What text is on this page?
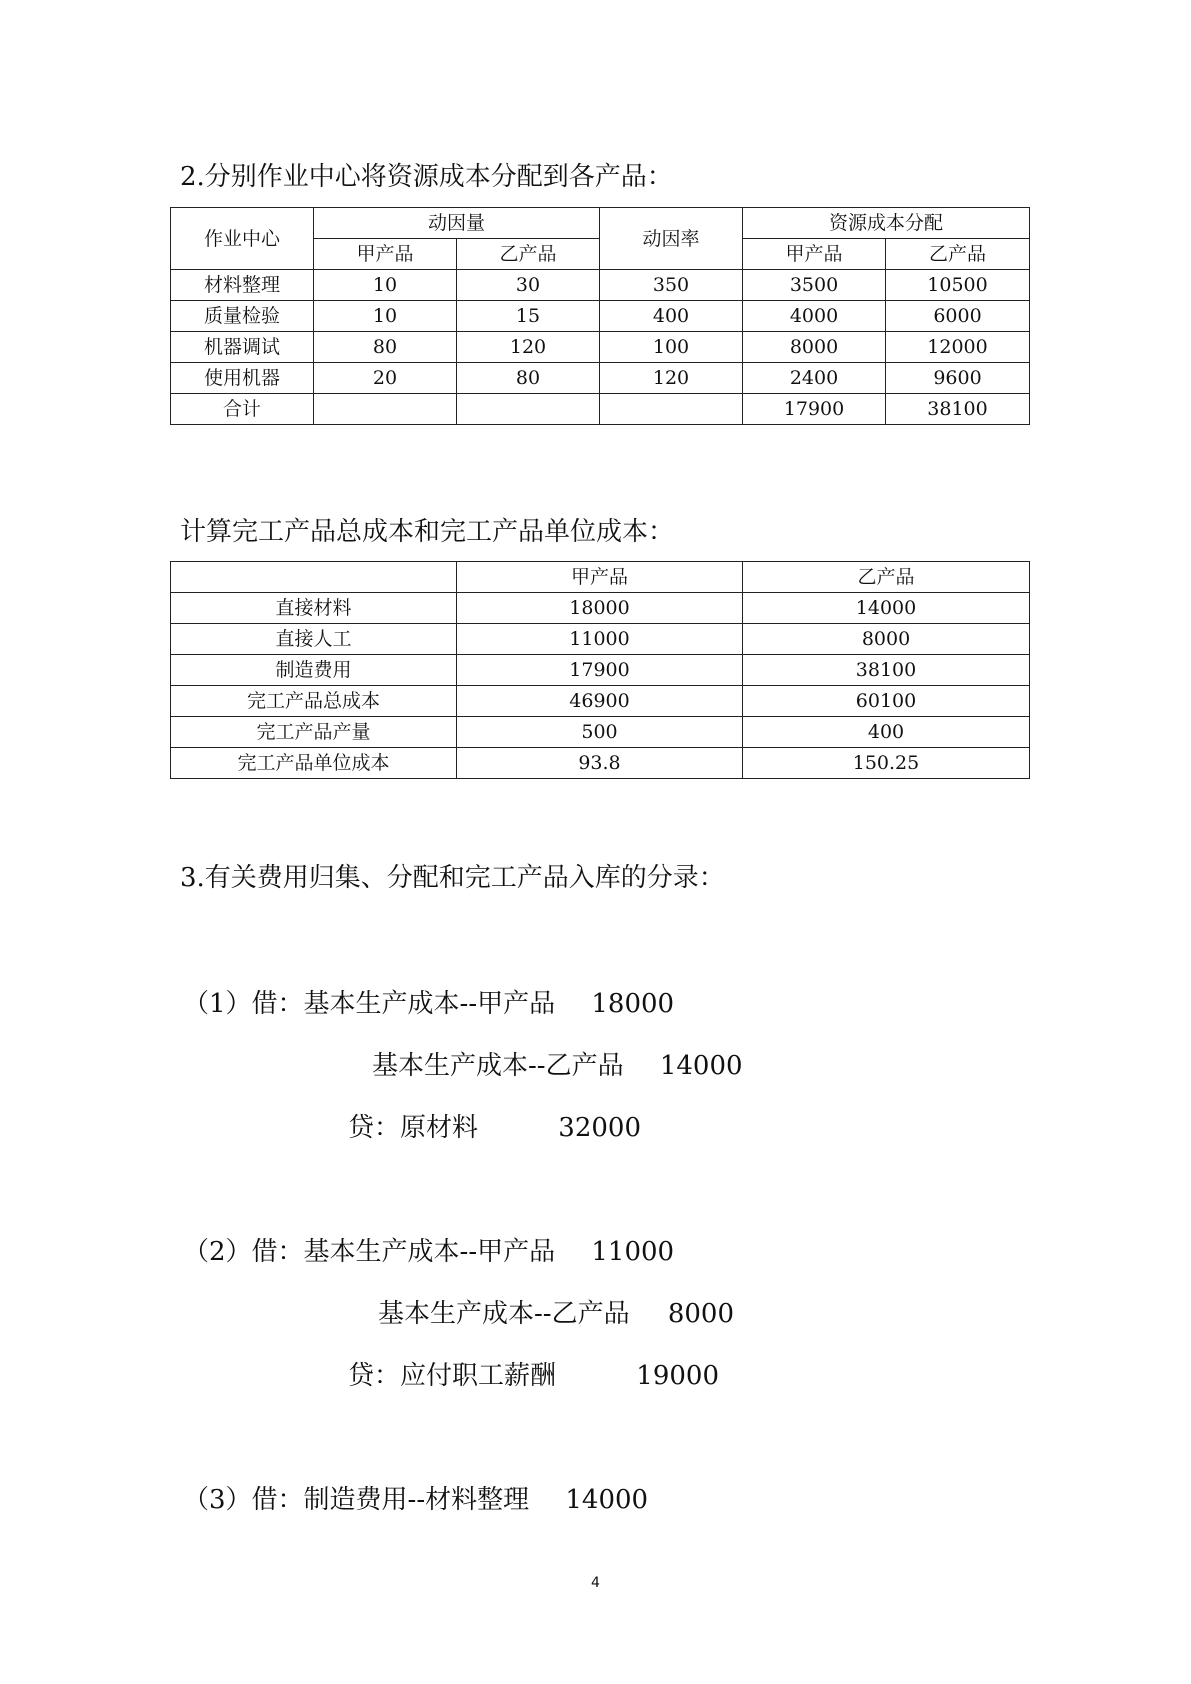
2.分别作业中心将资源成本分配到各产品：
作业中心	动因量		动因率	资源成本分配	
	甲产品	乙产品		甲产品	乙产品
材料整理	10	30	350	3500	10500
质量检验	10	15	400	4000	6000
机器调试	80	120	100	8000	12000
使用机器	20	80	120	2400	9600
合计				17900	38100
计算完工产品总成本和完工产品单位成本：
	甲产品	乙产品
直接材料	18000	14000
直接人工	11000	8000
制造费用	17900	38100
完工产品总成本	46900	60100
完工产品产量	500	400
完工产品单位成本	93.8	150.25
3.有关费用归集、分配和完工产品入库的分录：
（1）借：基本生产成本--甲产品 18000
基本生产成本--乙产品 14000
贷：原材料	32000
（2）借：基本生产成本--甲产品 11000
基本生产成本--乙产品 8000
贷：应付职工薪酬	19000
（3）借：制造费用--材料整理 14000
4
